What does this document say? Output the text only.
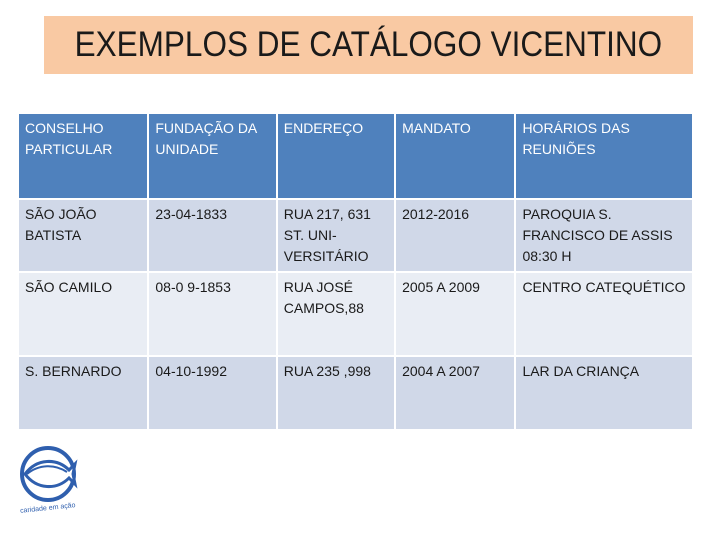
EXEMPLOS DE CATÁLOGO VICENTINO
CONSELHO PARTICULAR	FUNDAÇÃO DA UNIDADE	ENDEREÇO	MANDATO	HORÁRIOS DAS REUNIÕES
SÃO JOÃO BATISTA	23-04-1833	RUA 217, 631 ST. UNI-VERSITÁRIO	2012-2016	PAROQUIA S. FRANCISCO DE ASSIS 08:30 H
SÃO CAMILO	08-0 9-1853	RUA JOSÉ CAMPOS,88	2005 A 2009	CENTRO CATEQUÉTICO
S. BERNARDO	04-10-1992	RUA 235 ,998	2004 A 2007	LAR DA CRIANÇA
caridade em ação
